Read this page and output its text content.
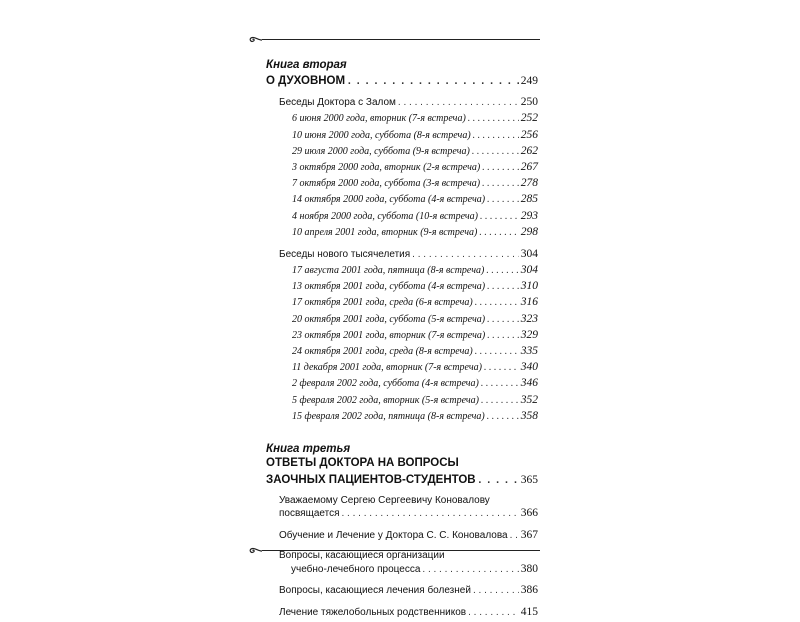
Книга вторая
О ДУХОВНОМ . . .	249
Беседы Доктора с Залом . . .	250
6 июня 2000 года, вторник (7-я встреча) . . .	252
10 июня 2000 года, суббота (8-я встреча) . . .	256
29 июля 2000 года, суббота (9-я встреча) . . .	262
3 октября 2000 года, вторник (2-я встреча) . . .	267
7 октября 2000 года, суббота (3-я встреча) . . .	278
14 октября 2000 года, суббота (4-я встреча) . . .	285
4 ноября 2000 года, суббота (10-я встреча) . . .	293
10 апреля 2001 года, вторник (9-я встреча) . . .	298
Беседы нового тысячелетия . . .	304
17 августа 2001 года, пятница (8-я встреча) . . .	304
13 октября 2001 года, суббота (4-я встреча) . . .	310
17 октября 2001 года, среда (6-я встреча) . . .	316
20 октября 2001 года, суббота (5-я встреча) . . .	323
23 октября 2001 года, вторник (7-я встреча) . . .	329
24 октября 2001 года, среда (8-я встреча) . . .	335
11 декабря 2001 года, вторник (7-я встреча) . . .	340
2 февраля 2002 года, суббота (4-я встреча) . . .	346
5 февраля 2002 года, вторник (5-я встреча) . . .	352
15 февраля 2002 года, пятница (8-я встреча) . . .	358
Книга третья
ОТВЕТЫ ДОКТОРА НА ВОПРОСЫ
ЗАОЧНЫХ ПАЦИЕНТОВ-СТУДЕНТОВ . . .	365
Уважаемому Сергею Сергеевичу Коновалову
посвящается . . .	366
Обучение и Лечение у Доктора С. С. Коновалова . . . 367
Вопросы, касающиеся организации
учебно-лечебного процесса . . .	380
Вопросы, касающиеся лечения болезней . . .	386
Лечение тяжелобольных родственников . . .	415
